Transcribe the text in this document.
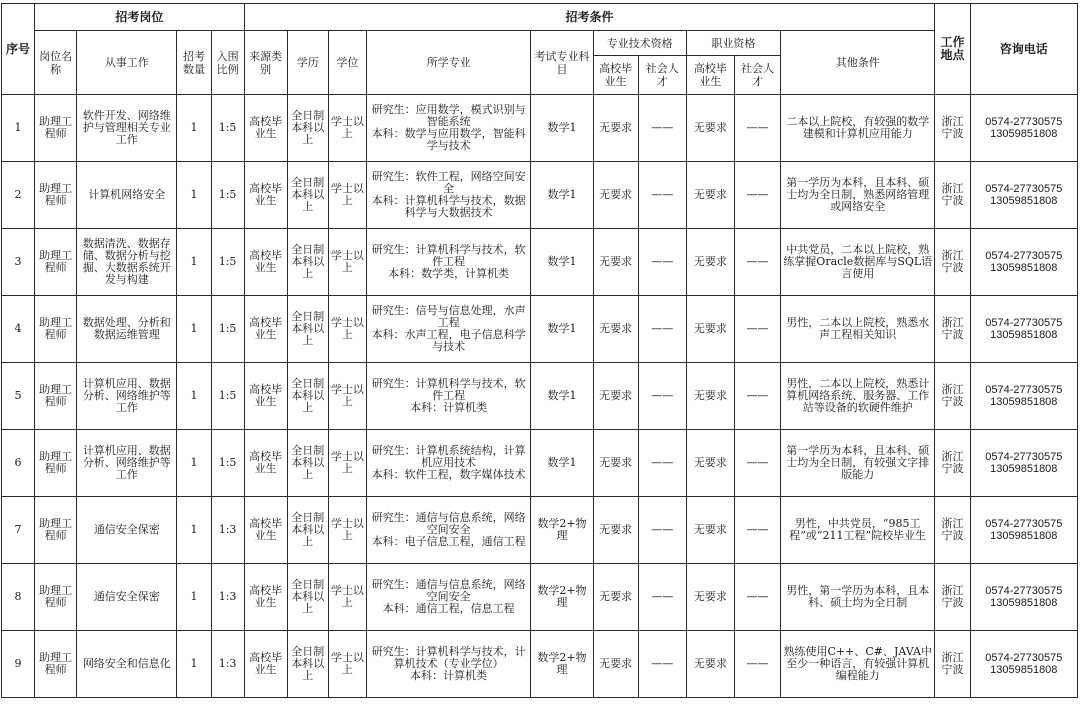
序号	招考岗位				招考条件										工作地点	咨询电话
	岗位名称	从事工作	招考数量	入围比例	来源类别	学历	学位	所学专业	考试专业科目	专业技术资格		职业资格		其他条件		
										高校毕业生	社会人才	高校毕业生	社会人才			
1	助理工程师	软件开发、网络维护与管理相关专业工作	1	1:5	高校毕业生	全日制本科以上	学士以上	研究生：应用数学，模式识别与智能系统
本科：数学与应用数学，智能科学与技术	数学1	无要求	——	无要求	——	二本以上院校，有较强的数学建模和计算机应用能力	浙江宁波	0574-27730575
13059851808

2	助理工程师	计算机网络安全	1	1:5	高校毕业生	全日制本科以上	学士以上	研究生：软件工程，网络空间安全
本科：计算机科学与技术，数据科学与大数据技术	数学1	无要求	——	无要求	——	第一学历为本科，且本科、硕士均为全日制，熟悉网络管理或网络安全	浙江宁波	0574-27730575
13059851808

3	助理工程师	数据清洗、数据存储、数据分析与挖掘、大数据系统开发与构建	1	1:5	高校毕业生	全日制本科以上	学士以上	研究生：计算机科学与技术，软件工程
本科：数学类，计算机类	数学1	无要求	——	无要求	——	中共党员，二本以上院校，熟练掌握Oracle数据库与SQL语言使用	浙江宁波	0574-27730575
13059851808

4	助理工程师	数据处理、分析和数据运维管理	1	1:5	高校毕业生	全日制本科以上	学士以上	研究生：信号与信息处理，水声工程
本科：水声工程，电子信息科学与技术	数学1	无要求	——	无要求	——	男性，二本以上院校，熟悉水声工程相关知识	浙江宁波	0574-27730575
13059851808

5	助理工程师	计算机应用、数据分析、网络维护等工作	1	1:5	高校毕业生	全日制本科以上	学士以上	研究生：计算机科学与技术，软件工程
本科：计算机类	数学1	无要求	——	无要求	——	男性，二本以上院校，熟悉计算机网络系统、服务器、工作站等设备的软硬件维护	浙江宁波	0574-27730575
13059851808

6	助理工程师	计算机应用、数据分析、网络维护等工作	1	1:5	高校毕业生	全日制本科以上	学士以上	研究生：计算机系统结构，计算机应用技术
本科：软件工程，数字媒体技术	数学1	无要求	——	无要求	——	第一学历为本科，且本科、硕士均为全日制，有较强文字排版能力	浙江宁波	0574-27730575
13059851808

7	助理工程师	通信安全保密	1	1:3	高校毕业生	全日制本科以上	学士以上	研究生：通信与信息系统，网络空间安全
本科：电子信息工程，通信工程	数学2+物理	无要求	——	无要求	——	男性，中共党员，“985工程”或“211工程”院校毕业生	浙江宁波	0574-27730575
13059851808

8	助理工程师	通信安全保密	1	1:3	高校毕业生	全日制本科以上	学士以上	研究生：通信与信息系统，网络空间安全
本科：通信工程，信息工程	数学2+物理	无要求	——	无要求	——	男性，第一学历为本科，且本科、硕士均为全日制	浙江宁波	0574-27730575
13059851808

9	助理工程师	网络安全和信息化	1	1:3	高校毕业生	全日制本科以上	学士以上	研究生：计算机科学与技术，计算机技术（专业学位）
本科：计算机类	数学2+物理	无要求	——	无要求	——	熟练使用C++、C#、JAVA中至少一种语言，有较强计算机编程能力	浙江宁波	0574-27730575
13059851808
